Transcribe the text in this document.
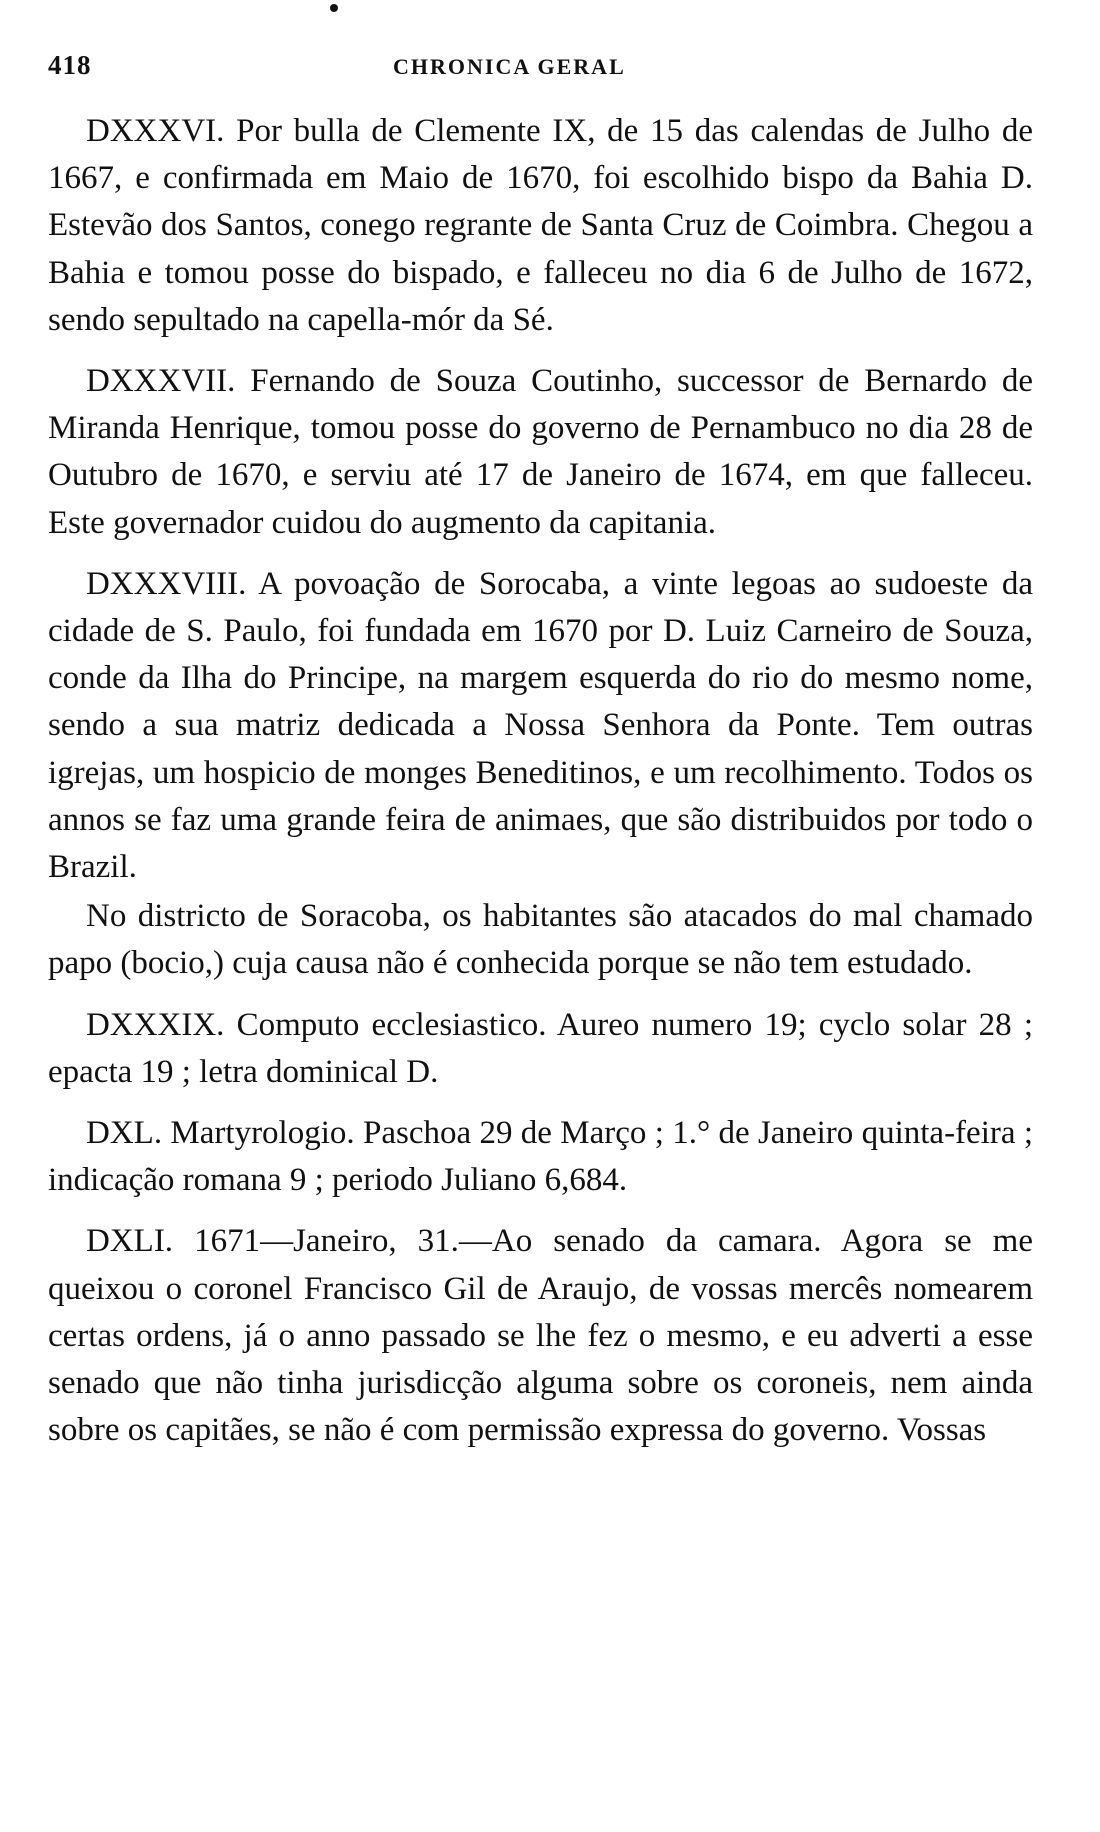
418	CHRONICA GERAL

DXXXVI. Por bulla de Clemente IX, de 15 das calendas de Julho de 1667, e confirmada em Maio de 1670, foi escolhido bispo da Bahia D. Estevão dos Santos, conego regrante de Santa Cruz de Coimbra. Chegou a Bahia e tomou posse do bispado, e falleceu no dia 6 de Julho de 1672, sendo sepultado na capella-mór da Sé.

DXXXVII. Fernando de Souza Coutinho, successor de Bernardo de Miranda Henrique, tomou posse do governo de Pernambuco no dia 28 de Outubro de 1670, e serviu até 17 de Janeiro de 1674, em que falleceu. Este governador cuidou do augmento da capitania.

DXXXVIII. A povoação de Sorocaba, a vinte legoas ao sudoeste da cidade de S. Paulo, foi fundada em 1670 por D. Luiz Carneiro de Souza, conde da Ilha do Principe, na margem esquerda do rio do mesmo nome, sendo a sua matriz dedicada a Nossa Senhora da Ponte. Tem outras igrejas, um hospicio de monges Beneditinos, e um recolhimento. Todos os annos se faz uma grande feira de animaes, que são distribuidos por todo o Brazil.

No districto de Soracoba, os habitantes são atacados do mal chamado papo (bocio,) cuja causa não é conhecida porque se não tem estudado.

DXXXIX. Computo ecclesiastico. Aureo numero 19; cyclo solar 28 ; epacta 19 ; letra dominical D.

DXL. Martyrologio. Paschoa 29 de Março ; 1.° de Janeiro quinta-feira ; indicação romana 9 ; periodo Juliano 6,684.

DXLI. 1671—Janeiro, 31.—Ao senado da camara. Agora se me queixou o coronel Francisco Gil de Araujo, de vossas mercês nomearem certas ordens, já o anno passado se lhe fez o mesmo, e eu adverti a esse senado que não tinha jurisdicção alguma sobre os coroneis, nem ainda sobre os capitães, se não é com permissão expressa do governo. Vossas
